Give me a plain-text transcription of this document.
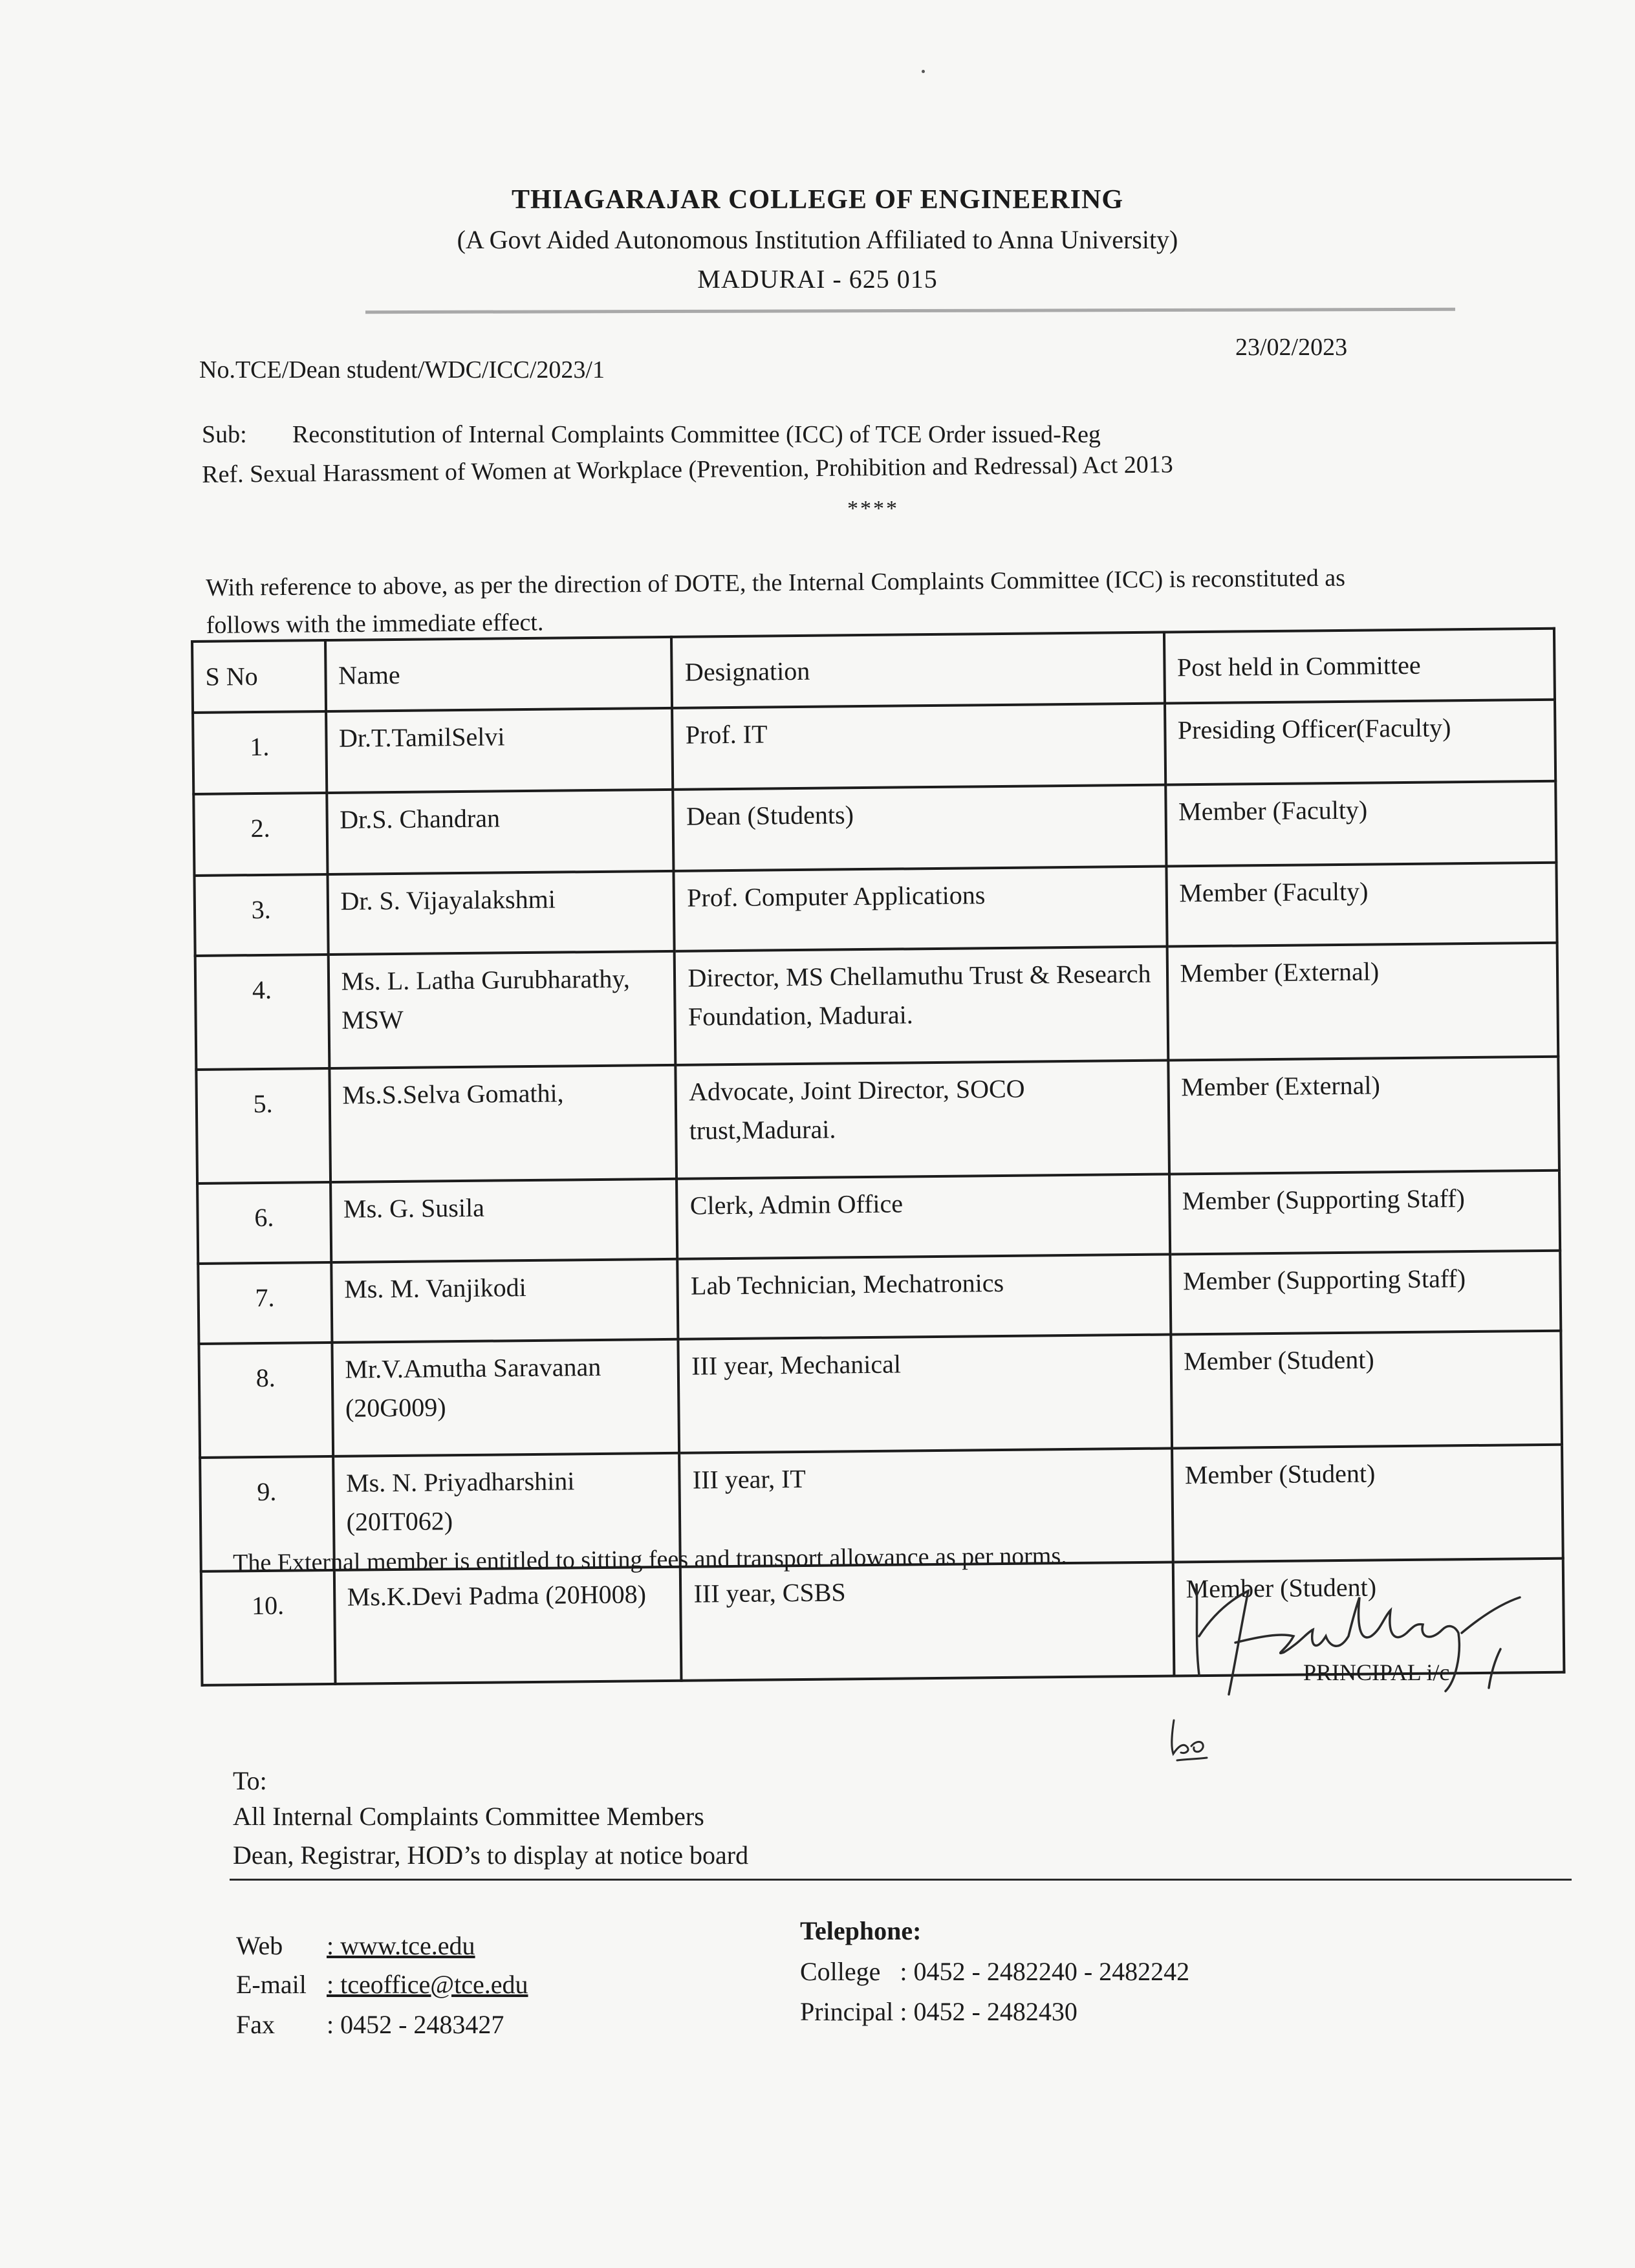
THIAGARAJAR COLLEGE OF ENGINEERING
(A Govt Aided Autonomous Institution Affiliated to Anna University)
MADURAI - 625 015
No.TCE/Dean student/WDC/ICC/2023/1
23/02/2023
Sub: Reconstitution of Internal Complaints Committee (ICC) of TCE Order issued-Reg
Ref. Sexual Harassment of Women at Workplace (Prevention, Prohibition and Redressal) Act 2013
****
With reference to above, as per the direction of DOTE, the Internal Complaints Committee (ICC) is reconstituted as follows with the immediate effect.
S No	Name	Designation	Post held in Committee
1.	Dr.T.TamilSelvi	Prof. IT	Presiding Officer(Faculty)
2.	Dr.S. Chandran	Dean (Students)	Member (Faculty)
3.	Dr. S. Vijayalakshmi	Prof. Computer Applications	Member (Faculty)
4.	Ms. L. Latha Gurubharathy, MSW	Director, MS Chellamuthu Trust & Research Foundation, Madurai.	Member (External)
5.	Ms.S.Selva Gomathi,	Advocate, Joint Director, SOCO trust,Madurai.	Member (External)
6.	Ms. G. Susila	Clerk, Admin Office	Member (Supporting Staff)
7.	Ms. M. Vanjikodi	Lab Technician, Mechatronics	Member (Supporting Staff)
8.	Mr.V.Amutha Saravanan (20G009)	III year, Mechanical	Member (Student)
9.	Ms. N. Priyadharshini (20IT062)	III year, IT	Member (Student)
10.	Ms.K.Devi Padma (20H008)	III year, CSBS	Member (Student)
The External member is entitled to sitting fees and transport allowance as per norms.
PRINCIPAL i/c
To:
All Internal Complaints Committee Members
Dean, Registrar, HOD’s to display at notice board
Web : www.tce.edu
E-mail : tceoffice@tce.edu
Fax : 0452 - 2483427
Telephone:
College   : 0452 - 2482240 - 2482242
Principal : 0452 - 2482430
